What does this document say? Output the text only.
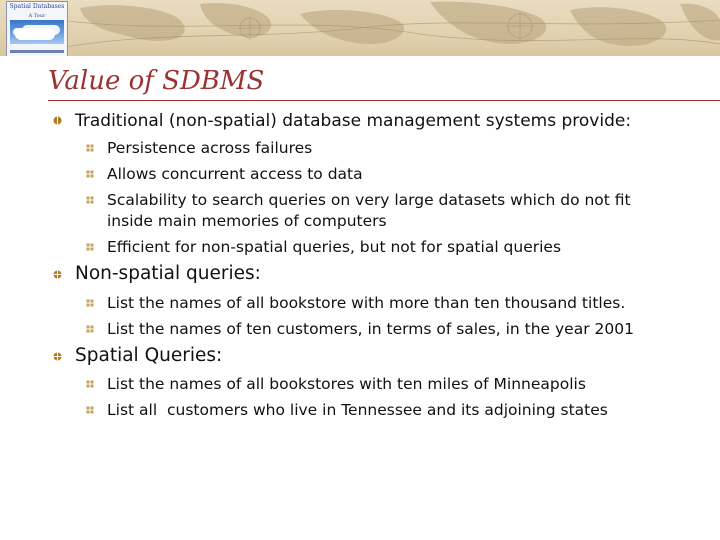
Spatial Databases
A Tour
Value of SDBMS
Traditional (non-spatial) database management systems provide:
Persistence across failures
Allows concurrent access to data
Scalability to search queries on very large datasets which do not fit
inside main memories of computers
Efficient for non-spatial queries, but not for spatial queries
Non-spatial queries:
List the names of all bookstore with more than ten thousand titles.
List the names of ten customers, in terms of sales, in the year 2001
Spatial Queries:
List the names of all bookstores with ten miles of Minneapolis
List all  customers who live in Tennessee and its adjoining states
